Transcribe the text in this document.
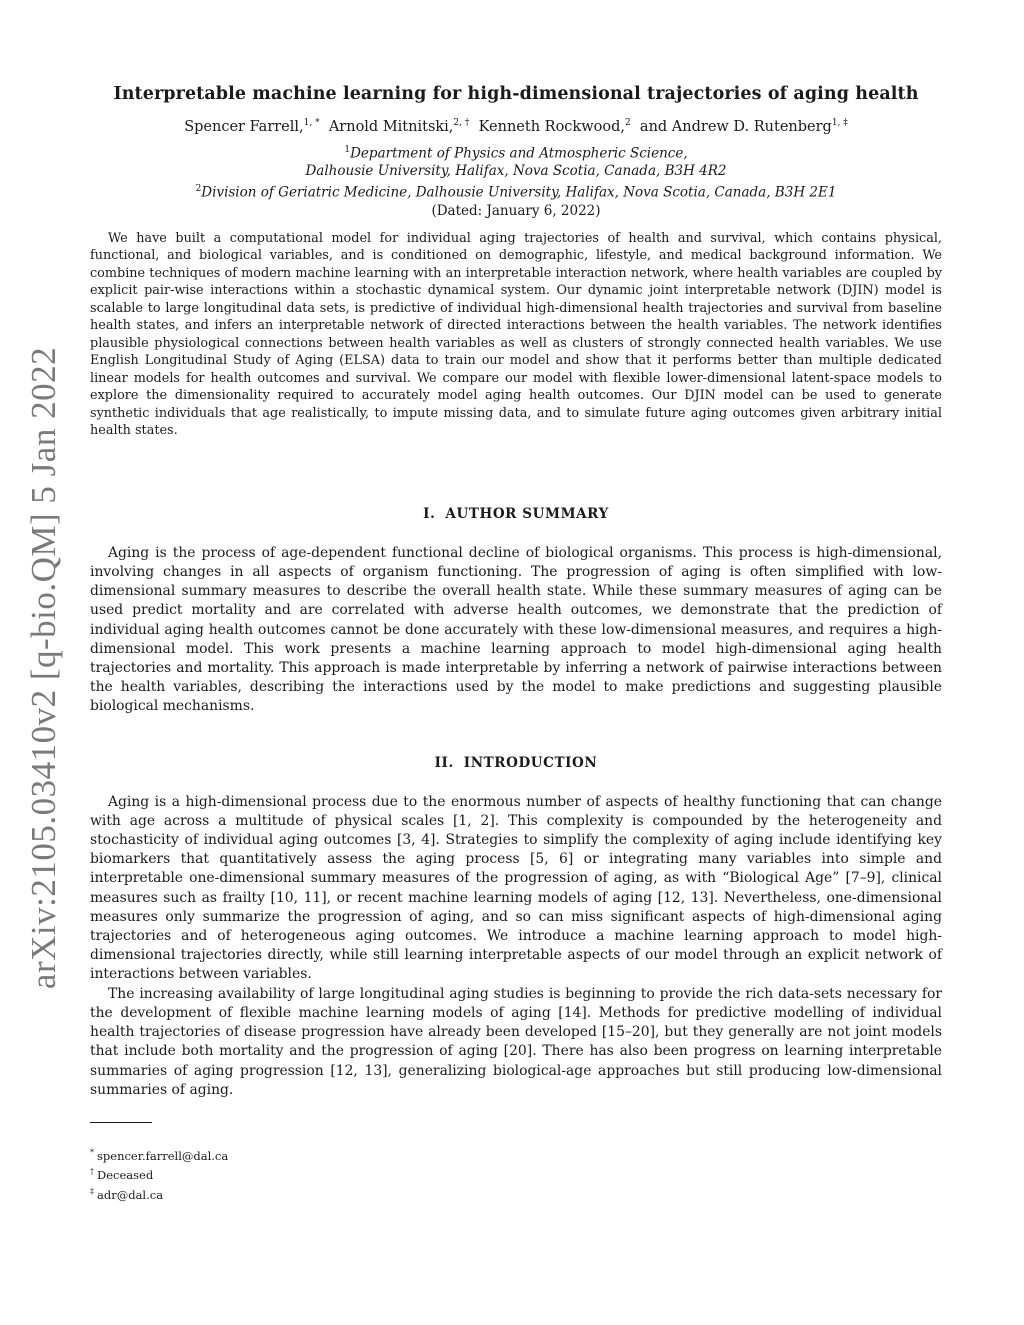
arXiv:2105.03410v2 [q-bio.QM] 5 Jan 2022
Interpretable machine learning for high-dimensional trajectories of aging health
Spencer Farrell,$^{1, *}$ Arnold Mitnitski,$^{2, \dagger}$ Kenneth Rockwood,$^2$ and Andrew D. Rutenberg$^{1, \ddagger}$

$^1$Department of Physics and Atmospheric Science,

Dalhousie University, Halifax, Nova Scotia, Canada, B3H 4R2

$^2$Division of Geriatric Medicine, Dalhousie University, Halifax, Nova Scotia, Canada, B3H 2E1

(Dated: January 6, 2022)

We have built a computational model for individual aging trajectories of health and survival, which contains physical, functional, and biological variables, and is conditioned on demographic, lifestyle, and medical background information. We combine techniques of modern machine learning with an interpretable interaction network, where health variables are coupled by explicit pair-wise interactions within a stochastic dynamical system. Our dynamic joint interpretable network (DJIN) model is scalable to large longitudinal data sets, is predictive of individual high-dimensional health trajectories and survival from baseline health states, and infers an interpretable network of directed interactions between the health variables. The network identifies plausible physiological connections between health variables as well as clusters of strongly connected health variables. We use English Longitudinal Study of Aging (ELSA) data to train our model and show that it performs better than multiple dedicated linear models for health outcomes and survival. We compare our model with flexible lower-dimensional latent-space models to explore the dimensionality required to accurately model aging health outcomes. Our DJIN model can be used to generate synthetic individuals that age realistically, to impute missing data, and to simulate future aging outcomes given arbitrary initial health states.

I. AUTHOR SUMMARY

Aging is the process of age-dependent functional decline of biological organisms. This process is high-dimensional, involving changes in all aspects of organism functioning. The progression of aging is often simplified with low-dimensional summary measures to describe the overall health state. While these summary measures of aging can be used predict mortality and are correlated with adverse health outcomes, we demonstrate that the prediction of individual aging health outcomes cannot be done accurately with these low-dimensional measures, and requires a high-dimensional model. This work presents a machine learning approach to model high-dimensional aging health trajectories and mortality. This approach is made interpretable by inferring a network of pairwise interactions between the health variables, describing the interactions used by the model to make predictions and suggesting plausible biological mechanisms.

II. INTRODUCTION

Aging is a high-dimensional process due to the enormous number of aspects of healthy functioning that can change with age across a multitude of physical scales [1, 2]. This complexity is compounded by the heterogeneity and stochasticity of individual aging outcomes [3, 4]. Strategies to simplify the complexity of aging include identifying key biomarkers that quantitatively assess the aging process [5, 6] or integrating many variables into simple and interpretable one-dimensional summary measures of the progression of aging, as with “Biological Age” [7–9], clinical measures such as frailty [10, 11], or recent machine learning models of aging [12, 13]. Nevertheless, one-dimensional measures only summarize the progression of aging, and so can miss significant aspects of high-dimensional aging trajectories and of heterogeneous aging outcomes. We introduce a machine learning approach to model high-dimensional trajectories directly, while still learning interpretable aspects of our model through an explicit network of interactions between variables.

The increasing availability of large longitudinal aging studies is beginning to provide the rich data-sets necessary for the development of flexible machine learning models of aging [14]. Methods for predictive modelling of individual health trajectories of disease progression have already been developed [15–20], but they generally are not joint models that include both mortality and the progression of aging [20]. There has also been progress on learning interpretable summaries of aging progression [12, 13], generalizing biological-age approaches but still producing low-dimensional summaries of aging.

* spencer.farrell@dal.ca

† Deceased

‡ adr@dal.ca
